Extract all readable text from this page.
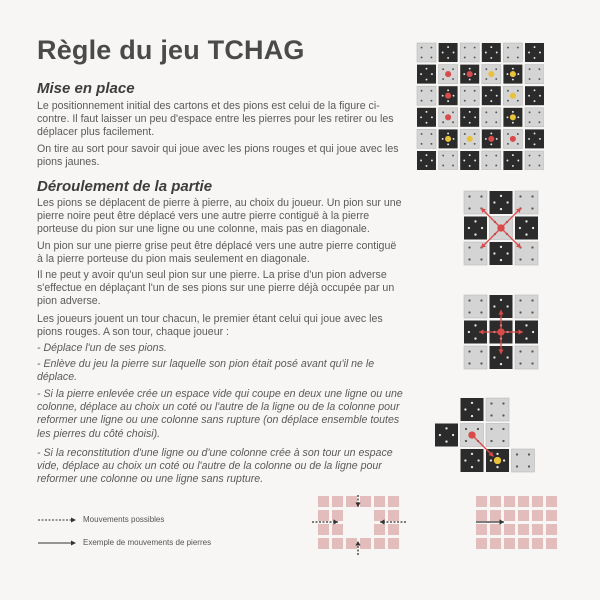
Règle du jeu TCHAG
Mise en place
Le positionnement initial des cartons et des pions est celui de la figure ci- contre. Il faut laisser un peu d'espace entre les pierres pour les retirer ou les déplacer plus facilement.
On tire au sort pour savoir qui joue avec les pions rouges et qui joue avec les pions jaunes.
Déroulement de la partie
Les pions se déplacent de pierre à pierre, au choix du joueur. Un pion sur une pierre noire peut être déplacé vers une autre pierre contiguë à la pierre porteuse du pion sur une ligne ou une colonne, mais pas en diagonale.
Un pion sur une pierre grise peut être déplacé vers une autre pierre contiguë à la pierre porteuse du pion mais seulement en diagonale.
Il ne peut y avoir qu'un seul pion sur une pierre. La prise d'un pion adverse s'effectue en déplaçant l'un de ses pions sur une pierre déjà occupée par un pion adverse.
Les joueurs jouent un tour chacun, le premier étant celui qui joue avec les pions rouges. A son tour, chaque joueur :
- Déplace l'un de ses pions.
- Enlève du jeu la pierre sur laquelle son pion était posé avant qu'il ne le déplace.
- Si la pierre enlevée crée un espace vide qui coupe en deux une ligne ou une colonne, déplace au choix un coté ou l'autre de la ligne ou de la colonne pour reformer une ligne ou une colonne sans rupture (on déplace ensemble toutes les pierres du côté choisi).
- Si la reconstitution d'une ligne ou d'une colonne crée à son tour un espace vide, déplace au choix un coté ou l'autre de la colonne ou de la ligne pour reformer une colonne ou une ligne sans rupture.
Mouvements possibles
Exemple de mouvements de pierres
